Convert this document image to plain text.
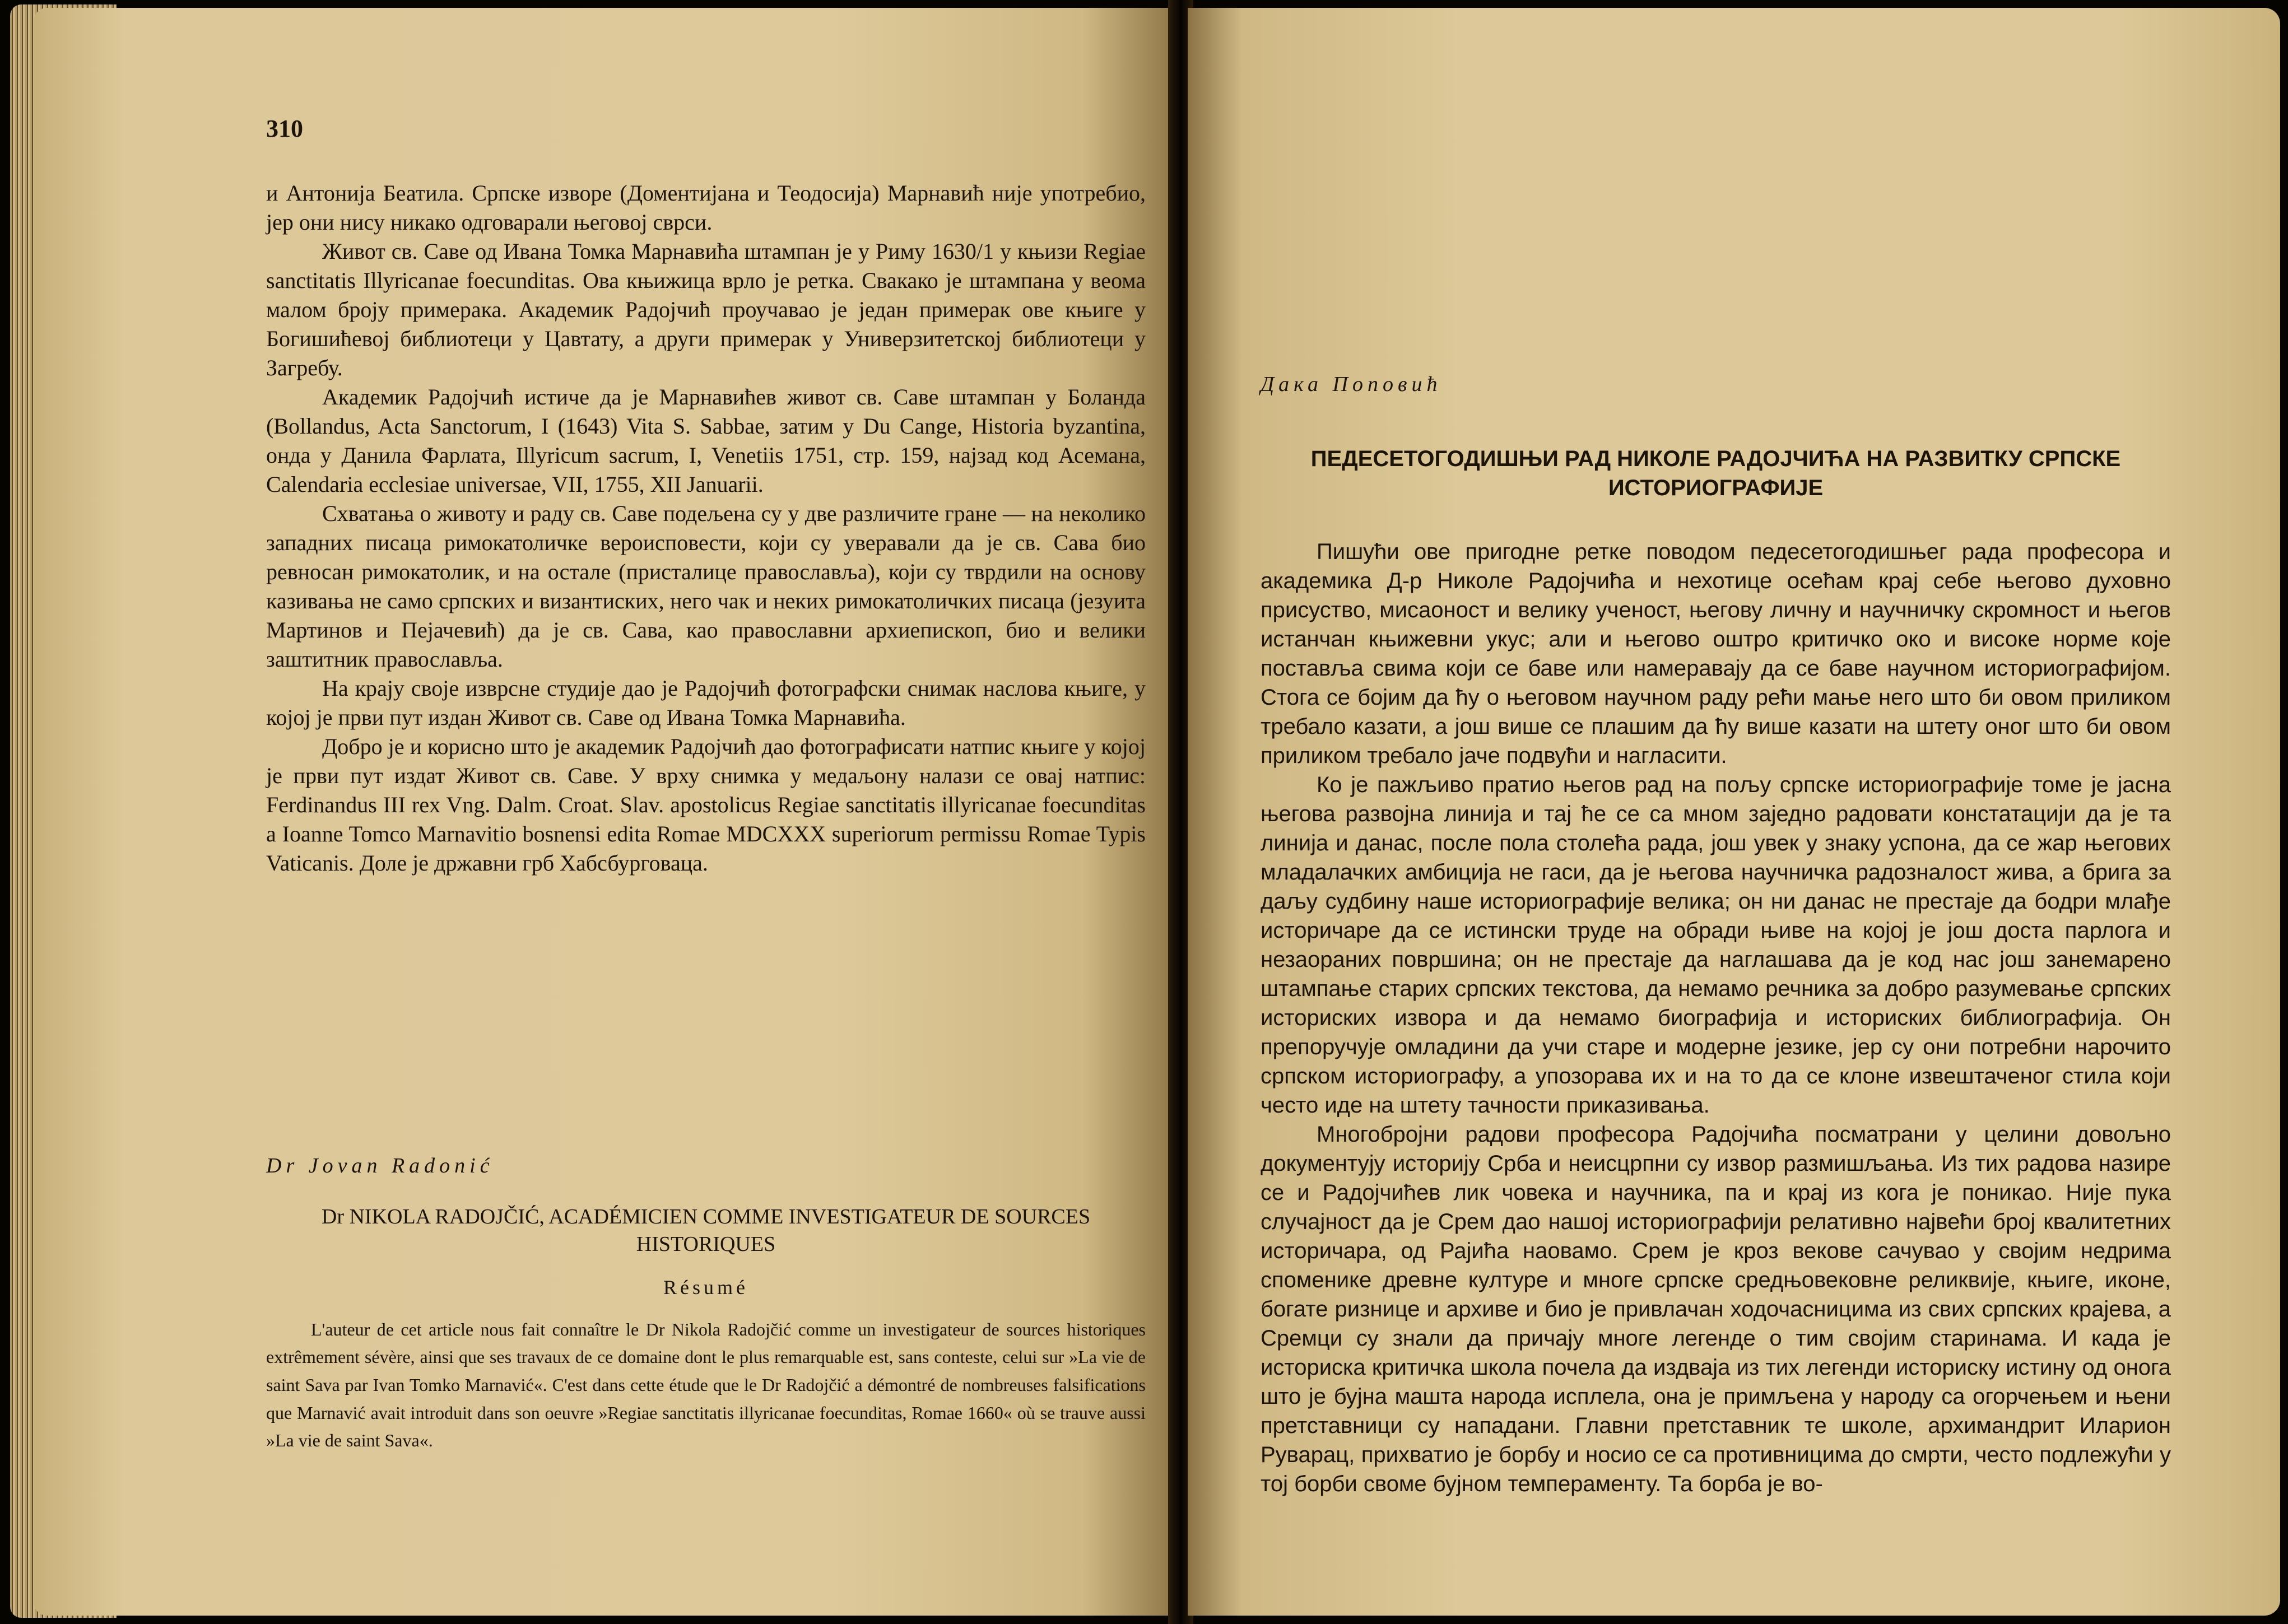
310

и Антонија Беатила. Српске изворе (Доментијана и Теодосија) Марнавић није употребио, јер они нису никако одговарали његовој сврси.

Живот св. Саве од Ивана Томка Марнавића штампан је у Риму 1630/1 у књизи Regiae sanctitatis Illyricanae foecunditas. Ова књижица врло је ретка. Свакако је штампана у веома малом броју примерака. Академик Радојчић проучавао је један примерак ове књиге у Богишићевој библиотеци у Цавтату, а други примерак у Универзитетској библиотеци у Загребу.

Академик Радојчић истиче да је Марнавићев живот св. Саве штампан у Боланда (Bollandus, Acta Sanctorum, I (1643) Vita S. Sabbae, затим у Du Cange, Historia byzantina, онда у Данила Фарлата, Illyricum sacrum, I, Venetiis 1751, стр. 159, најзад код Асемана, Calendaria ecclesiae universae, VII, 1755, XII Januarii.

Схватања о животу и раду св. Саве подељена су у две различите гране — на неколико западних писаца римокатоличке вероисповести, који су уверавали да је св. Сава био ревносан римокатолик, и на остале (присталице православља), који су тврдили на основу казивања не само српских и византиских, него чак и неких римокатоличких писаца (језуита Мартинов и Пејачевић) да је св. Сава, као православни архиепископ, био и велики заштитник православља.

На крају своје изврсне студије дао је Радојчић фотографски снимак наслова књиге, у којој је први пут издан Живот св. Саве од Ивана Томка Марнавића.

Добро је и корисно што је академик Радојчић дао фотографисати натпис књиге у којој је први пут издат Живот св. Саве. У врху снимка у медаљону налази се овај натпис: Ferdinandus III rex Vng. Dalm. Croat. Slav. apostolicus Regiae sanctitatis illyricanae foecunditas a Ioanne Tomco Marnavitio bosnensi edita Romae MDCXXX superiorum permissu Romae Typis Vaticanis. Доле је државни грб Хабсбурговаца.

Dr Jovan Radonić
Dr NIKOLA RADOJČIĆ, ACADÉMICIEN COMME INVESTIGATEUR DE SOURCES HISTORIQUES
Résumé

L'auteur de cet article nous fait connaître le Dr Nikola Radojčić comme un investigateur de sources historiques extrêmement sévère, ainsi que ses travaux de ce domaine dont le plus remarquable est, sans conteste, celui sur »La vie de saint Sava par Ivan Tomko Marnavić«. C'est dans cette étude que le Dr Radojčić a démontré de nombreuses falsifications que Marnavić avait introduit dans son oeuvre »Regiae sanctitatis illyricanae foecunditas, Romae 1660« où se trauve aussi »La vie de saint Sava«.

Дака Поповић
ПЕДЕСЕТОГОДИШЊИ РАД НИКОЛЕ РАДОЈЧИЋА НА РАЗВИТКУ СРПСКЕ ИСТОРИОГРАФИЈЕ

Пишући ове пригодне ретке поводом педесетогодишњег рада професора и академика Д-р Николе Радојчића и нехотице осећам крај себе његово духовно присуство, мисаоност и велику ученост, његову личну и научничку скромност и његов истанчан књижевни укус; али и његово оштро критичко око и високе норме које поставља свима који се баве или намеравају да се баве научном историографијом. Стога се бојим да ћу о његовом научном раду рећи мање него што би овом приликом требало казати, а још више се плашим да ћу више казати на штету оног што би овом приликом требало јаче подвући и нагласити.

Ко је пажљиво пратио његов рад на пољу српске историографије томе је јасна његова развојна линија и тај ће се са мном заједно радовати констатацији да је та линија и данас, после пола столећа рада, још увек у знаку успона, да се жар његових младалачких амбиција не гаси, да је његова научничка радозналост жива, а брига за даљу судбину наше историографије велика; он ни данас не престаје да бодри млађе историчаре да се истински труде на обради њиве на којој је још доста парлога и незаораних површина; он не престаје да наглашава да је код нас још занемарено штампање старих српских текстова, да немамо речника за добро разумевање српских историских извора и да немамо биографија и историских библиографија. Он препоручује омладини да учи старе и модерне језике, јер су они потребни нарочито српском историографу, а упозорава их и на то да се клоне извештаченог стила који често иде на штету тачности приказивања.

Многобројни радови професора Радојчића посматрани у целини довољно документују историју Срба и неисцрпни су извор размишљања. Из тих радова назире се и Радојчићев лик човека и научника, па и крај из кога је поникао. Није пука случајност да је Срем дао нашој историографији релативно највећи број квалитетних историчара, од Рајића наовамо. Срем је кроз векове сачувао у својим недрима споменике древне културе и многе српске средњовековне реликвије, књиге, иконе, богате ризнице и архиве и био је привлачан ходочасницима из свих српских крајева, а Сремци су знали да причају многе легенде о тим својим старинама. И када је историска критичка школа почела да издваја из тих легенди историску истину од онога што је бујна машта народа исплела, она је примљена у народу са огорчењем и њени претставници су нападани. Главни претставник те школе, архимандрит Иларион Руварац, прихватио је борбу и носио се са противницима до смрти, често подлежући у тој борби своме бујном темпераменту. Та борба је во-
